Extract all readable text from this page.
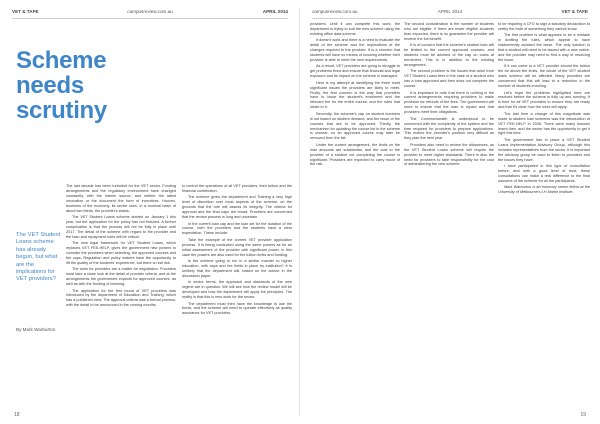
VET & TAFE	campusreview.com.au	APRIL 2014
Scheme needs scrutiny

The VET Student Loans scheme has already begun, but what are the implications for VET providers?

By Mark Warburton

The last decade has been turbulent for the VET sector. Funding arrangements and the regulatory environment have changed constantly, with the interim source, and neither the latest innovation or the document the form of incentives. Hooves, business of the economy, its sector uses, in a nominal basic of about two thirds, the provider's status.

The VET Student Loans scheme started on January 1 this year, but the application for the policy has not finished. A further complication is that the process will not be fully in place until 2017. The detail of the scheme with regard to the provider and the loan and repayment rules will be critical.

The new legal framework for VET Student Loans, which replaces VET FEE-HELP, gives the government new powers to consider the providers when selecting, the approved courses and the caps. Regulation and policy makers have the opportunity to lift the quality of the students' experience, but there is real risk.

The rules for providers are a matter for negotiation. Providers must take a close look at the detail of provider criteria, and at the arrangements the government expects for approved courses, as well as with the funding of learning.

The application for the first round of VET providers was introduced by the department of Education and Training, which has a published view. The approval criteria was a formal process, with the detail to be announced in the coming months.

to control the operations of all VET providers, their tuition and the financial contribution.

The scheme gives the department and Training a very high level of discretion over most aspects of the scheme, on the grounds that the role will assess its integrity. The criteria for approval and the final caps are broad. Providers are concerned that the review process is long and uncertain.

In the current loan cap and the loan set for the duration of the course, both the providers and the students have a clear expectation. These include:

Take the example of the current VET provider application process. It is being conducted using the same powers as for an initial assessment of the provider with significant power, in this case the powers are also used for the tuition limits and funding.

Is the scheme going to run in a similar manner to higher education, with caps and fee limits in place by institution? It is unlikely that the department will, based on the advice in the discussion paper.

In sector terms, the approach and standards of the new regime are in question. We will see how the review model will be developed and how the department will apply the principles. The reality is that this is new work for the sector.

The department must then have the knowledge to use the funds, and the scheme will need to operate effectively as quality assurance for VET providers.

18
campusreview.com.au	APRIL 2014	VET & TAFE

providers. Until it can complete this work, the department is trying to suit the new scheme using the existing office data scheme.

It doesn't work and there is a need to evaluate the detail of the scheme and the implications of the changes required to the provider. It is a concern that students will have no means of knowing whether their provider is able to meet the new requirements.

As a result, VET providers are going to struggle to get problems fixed and ensure that financial and legal exposure and its impact on the scheme is managed.

Here is my attempt at identifying the three most significant issues the providers are likely to meet. Firstly, the first concern is the way that providers have to issue the student's enrolment and the relevant fee for the entire course, and the rules that relate to it.

Secondly, the scheme's cap on student numbers is not based on student demand, and the issue of the courses that are to be approved. Thirdly, the mechanism for updating the course list in the scheme is unclear, so an approved course may later be removed from the list.

Under the current arrangement, the limits on the loan amounts are substantial, and the cost to the provider of a student not completing the course is significant. Providers are expected to carry much of the risk.

The second consideration is the number of students who are eligible. If there are fewer eligible students than expected, there is no guarantee the provider will receive the full benefit.

It is of concern that the scheme's student loan will be limited to the current approved courses, and students must be advised of the cap on loans at enrolment. This is in addition to the existing arrangement.

The second problem is the issues that arise from VET Student Loans fees in the case of a student who has a loan approved and then does not complete the course.

It is important to note that there is nothing in the current arrangements requiring providers to make provision for refunds of the fees. The government will need to ensure that the loan is repaid and that providers meet their obligations.

The Commonwealth is understood to be concerned with the complexity of the system and the time required for providers to prepare applications. This makes the provider's position very difficult as they plan the next year.

Providers also need to review the allowances, as the VET Student Loans scheme will require the provider to meet higher standards. There is also the need for providers to take responsibility for the cost of administering the new scheme.

to be requiring a CFO to sign a statutory declaration to certify the truth of something they cannot know.

The first problem is what appears to be a mistake in drafting the rules, which appear to have inadvertently avoided the issue. The only solution is that a student will need to be issued with a new notice, and the provider may need to find a way of resolving the issue.

If it can come to a VET provider should the tuition fee be above the limits, the whole of the VET student loans scheme will be affected. Many providers are concerned that this will lead to a reduction in the number of students enrolling.

Let's hope the problems highlighted here are resolved before the scheme is fully up and running. It is time for all VET providers to ensure they are ready and that it's clear how the rules will apply.

The last time a change of this magnitude was made to student loan schemes was the introduction of VET FEE-HELP in 2008. There were many lessons learnt then, and the sector has the opportunity to get it right this time.

The government has in place a VET Student Loans Implementation Advisory Group, although this includes representatives from the sector. It is important the advisory group be used to listen to providers and the issues they have.

I have participated in this type of consultation before, and with a good level of trust, these consultations can make a real difference to the final outcome of the scheme for all the participants.

Mark Warburton is an honorary senior fellow at the University of Melbourne's LH Martin Institute.

19
